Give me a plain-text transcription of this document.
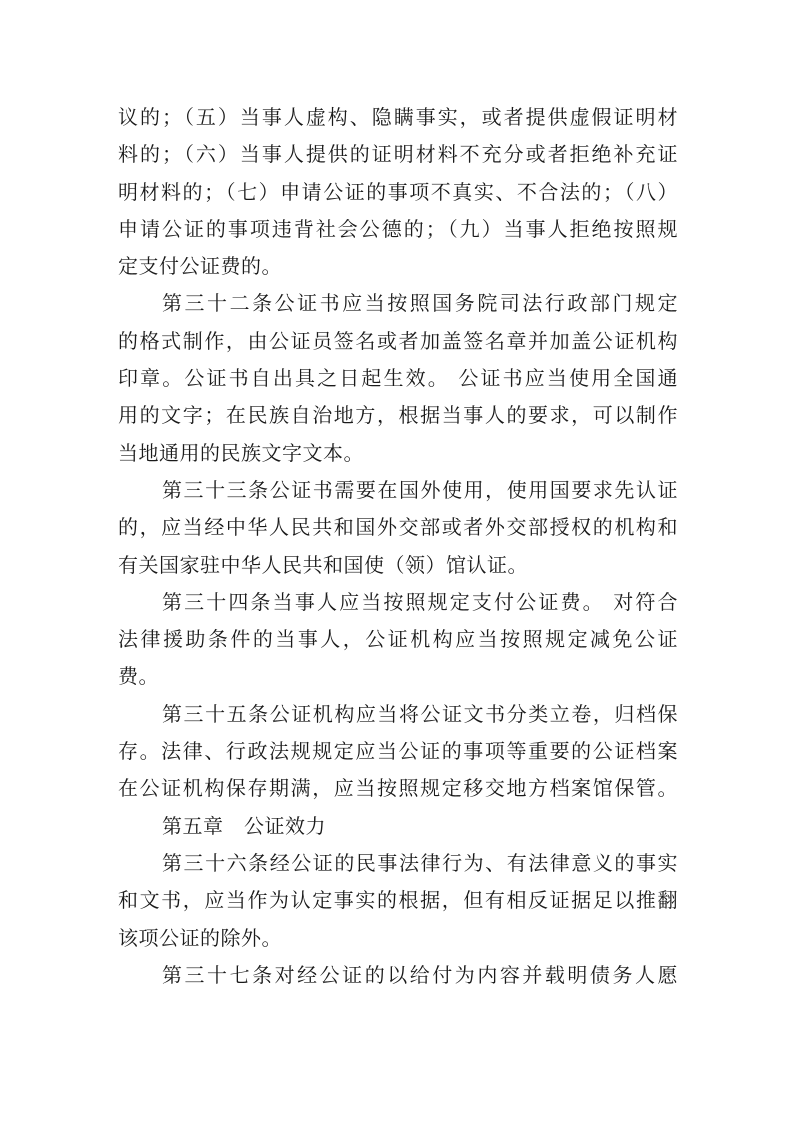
议的；（五）当事人虚构、隐瞒事实，或者提供虚假证明材
料的；（六）当事人提供的证明材料不充分或者拒绝补充证
明材料的；（七）申请公证的事项不真实、不合法的；（八）
申请公证的事项违背社会公德的；（九）当事人拒绝按照规
定支付公证费的。
第三十二条公证书应当按照国务院司法行政部门规定
的格式制作，由公证员签名或者加盖签名章并加盖公证机构
印章。公证书自出具之日起生效。 公证书应当使用全国通
用的文字；在民族自治地方，根据当事人的要求，可以制作
当地通用的民族文字文本。
第三十三条公证书需要在国外使用，使用国要求先认证
的，应当经中华人民共和国外交部或者外交部授权的机构和
有关国家驻中华人民共和国使（领）馆认证。
第三十四条当事人应当按照规定支付公证费。 对符合
法律援助条件的当事人，公证机构应当按照规定减免公证
费。
第三十五条公证机构应当将公证文书分类立卷，归档保
存。法律、行政法规规定应当公证的事项等重要的公证档案
在公证机构保存期满，应当按照规定移交地方档案馆保管。
第五章　公证效力
第三十六条经公证的民事法律行为、有法律意义的事实
和文书，应当作为认定事实的根据，但有相反证据足以推翻
该项公证的除外。
第三十七条对经公证的以给付为内容并载明债务人愿
